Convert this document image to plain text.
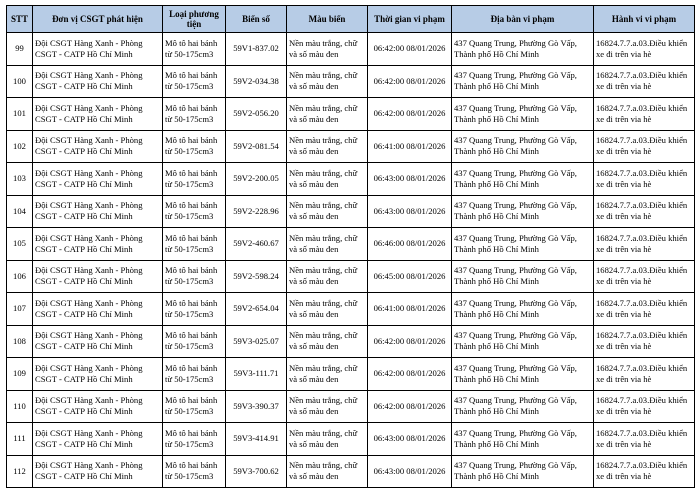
STT	Đơn vị CSGT phát hiện	Loại phương tiện	Biển số	Màu biển	Thời gian vi phạm	Địa bàn vi phạm	Hành vi vi phạm
99	Đội CSGT Hàng Xanh - Phòng CSGT - CATP Hồ Chí Minh	Mô tô hai bánh từ 50-175cm3	59V1-837.02	Nền màu trắng, chữ và số màu đen	06:42:00 08/01/2026	437 Quang Trung, Phường Gò Vấp, Thành phố Hồ Chí Minh	16824.7.7.a.03.Điều khiển xe đi trên via hè
100	Đội CSGT Hàng Xanh - Phòng CSGT - CATP Hồ Chí Minh	Mô tô hai bánh từ 50-175cm3	59V2-034.38	Nền màu trắng, chữ và số màu đen	06:42:00 08/01/2026	437 Quang Trung, Phường Gò Vấp, Thành phố Hồ Chí Minh	16824.7.7.a.03.Điều khiển xe đi trên via hè
101	Đội CSGT Hàng Xanh - Phòng CSGT - CATP Hồ Chí Minh	Mô tô hai bánh từ 50-175cm3	59V2-056.20	Nền màu trắng, chữ và số màu đen	06:42:00 08/01/2026	437 Quang Trung, Phường Gò Vấp, Thành phố Hồ Chí Minh	16824.7.7.a.03.Điều khiển xe đi trên via hè
102	Đội CSGT Hàng Xanh - Phòng CSGT - CATP Hồ Chí Minh	Mô tô hai bánh từ 50-175cm3	59V2-081.54	Nền màu trắng, chữ và số màu đen	06:41:00 08/01/2026	437 Quang Trung, Phường Gò Vấp, Thành phố Hồ Chí Minh	16824.7.7.a.03.Điều khiển xe đi trên via hè
103	Đội CSGT Hàng Xanh - Phòng CSGT - CATP Hồ Chí Minh	Mô tô hai bánh từ 50-175cm3	59V2-200.05	Nền màu trắng, chữ và số màu đen	06:43:00 08/01/2026	437 Quang Trung, Phường Gò Vấp, Thành phố Hồ Chí Minh	16824.7.7.a.03.Điều khiển xe đi trên via hè
104	Đội CSGT Hàng Xanh - Phòng CSGT - CATP Hồ Chí Minh	Mô tô hai bánh từ 50-175cm3	59V2-228.96	Nền màu trắng, chữ và số màu đen	06:43:00 08/01/2026	437 Quang Trung, Phường Gò Vấp, Thành phố Hồ Chí Minh	16824.7.7.a.03.Điều khiển xe đi trên via hè
105	Đội CSGT Hàng Xanh - Phòng CSGT - CATP Hồ Chí Minh	Mô tô hai bánh từ 50-175cm3	59V2-460.67	Nền màu trắng, chữ và số màu đen	06:46:00 08/01/2026	437 Quang Trung, Phường Gò Vấp, Thành phố Hồ Chí Minh	16824.7.7.a.03.Điều khiển xe đi trên via hè
106	Đội CSGT Hàng Xanh - Phòng CSGT - CATP Hồ Chí Minh	Mô tô hai bánh từ 50-175cm3	59V2-598.24	Nền màu trắng, chữ và số màu đen	06:45:00 08/01/2026	437 Quang Trung, Phường Gò Vấp, Thành phố Hồ Chí Minh	16824.7.7.a.03.Điều khiển xe đi trên via hè
107	Đội CSGT Hàng Xanh - Phòng CSGT - CATP Hồ Chí Minh	Mô tô hai bánh từ 50-175cm3	59V2-654.04	Nền màu trắng, chữ và số màu đen	06:41:00 08/01/2026	437 Quang Trung, Phường Gò Vấp, Thành phố Hồ Chí Minh	16824.7.7.a.03.Điều khiển xe đi trên via hè
108	Đội CSGT Hàng Xanh - Phòng CSGT - CATP Hồ Chí Minh	Mô tô hai bánh từ 50-175cm3	59V3-025.07	Nền màu trắng, chữ và số màu đen	06:42:00 08/01/2026	437 Quang Trung, Phường Gò Vấp, Thành phố Hồ Chí Minh	16824.7.7.a.03.Điều khiển xe đi trên via hè
109	Đội CSGT Hàng Xanh - Phòng CSGT - CATP Hồ Chí Minh	Mô tô hai bánh từ 50-175cm3	59V3-111.71	Nền màu trắng, chữ và số màu đen	06:42:00 08/01/2026	437 Quang Trung, Phường Gò Vấp, Thành phố Hồ Chí Minh	16824.7.7.a.03.Điều khiển xe đi trên via hè
110	Đội CSGT Hàng Xanh - Phòng CSGT - CATP Hồ Chí Minh	Mô tô hai bánh từ 50-175cm3	59V3-390.37	Nền màu trắng, chữ và số màu đen	06:42:00 08/01/2026	437 Quang Trung, Phường Gò Vấp, Thành phố Hồ Chí Minh	16824.7.7.a.03.Điều khiển xe đi trên via hè
111	Đội CSGT Hàng Xanh - Phòng CSGT - CATP Hồ Chí Minh	Mô tô hai bánh từ 50-175cm3	59V3-414.91	Nền màu trắng, chữ và số màu đen	06:43:00 08/01/2026	437 Quang Trung, Phường Gò Vấp, Thành phố Hồ Chí Minh	16824.7.7.a.03.Điều khiển xe đi trên via hè
112	Đội CSGT Hàng Xanh - Phòng CSGT - CATP Hồ Chí Minh	Mô tô hai bánh từ 50-175cm3	59V3-700.62	Nền màu trắng, chữ và số màu đen	06:43:00 08/01/2026	437 Quang Trung, Phường Gò Vấp, Thành phố Hồ Chí Minh	16824.7.7.a.03.Điều khiển xe đi trên via hè
